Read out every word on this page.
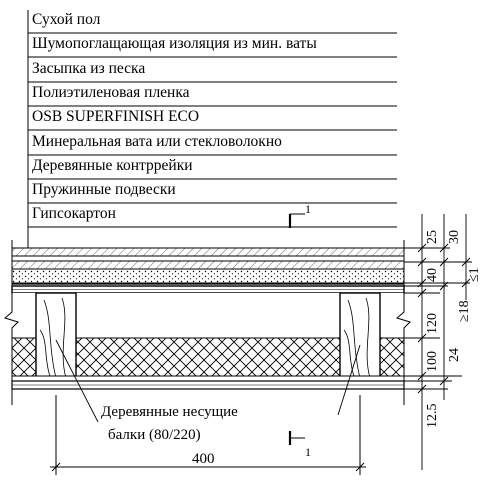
Сухой пол
Шумопоглащающая изоляция из мин. ваты
Засыпка из песка
Полиэтиленовая пленка
OSB SUPERFINISH ECO
Минеральная вата или стекловолокно
Деревянные контррейки
Пружинные подвески
Гипсокартон	1
1
Деревянные несущие
балки (80/220)
400
25 30
40 ≤1
≥18
120
100 24
12.5
